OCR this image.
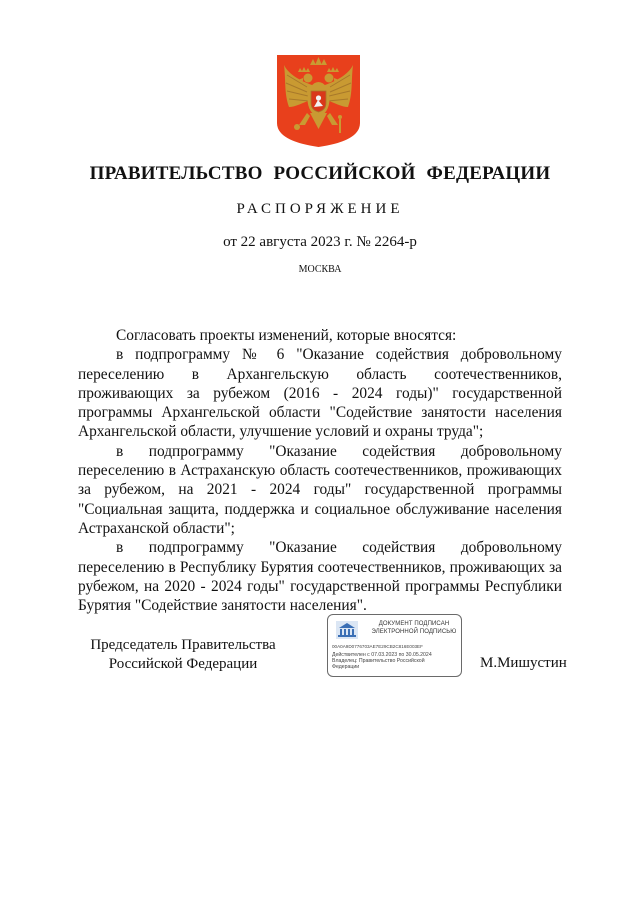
ПРАВИТЕЛЬСТВО РОССИЙСКОЙ ФЕДЕРАЦИИ
РАСПОРЯЖЕНИЕ
от 22 августа 2023 г. № 2264-р
МОСКВА

Согласовать проекты изменений, которые вносятся:

в подпрограмму № 6 "Оказание содействия добровольному переселению в Архангельскую область соотечественников, проживающих за рубежом (2016 - 2024 годы)" государственной программы Архангельской области "Содействие занятости населения Архангельской области, улучшение условий и охраны труда";

в подпрограмму "Оказание содействия добровольному переселению в Астраханскую область соотечественников, проживающих за рубежом, на 2021 - 2024 годы" государственной программы "Социальная защита, поддержка и социальное обслуживание населения Астраханской области";

в подпрограмму "Оказание содействия добровольному переселению в Республику Бурятия соотечественников, проживающих за рубежом, на 2020 - 2024 годы" государственной программы Республики Бурятия "Содействие занятости населения".

Председатель Правительства
Российской Федерации
ДОКУМЕНТ ПОДПИСАН
ЭЛЕКТРОННОЙ ПОДПИСЬЮ
00A0A9D0776703AE7E29CB2C816E003EF
Действителен с 07.03.2023 по 30.05.2024
Владелец: Правительство Российской Федерации	М.Мишустин
